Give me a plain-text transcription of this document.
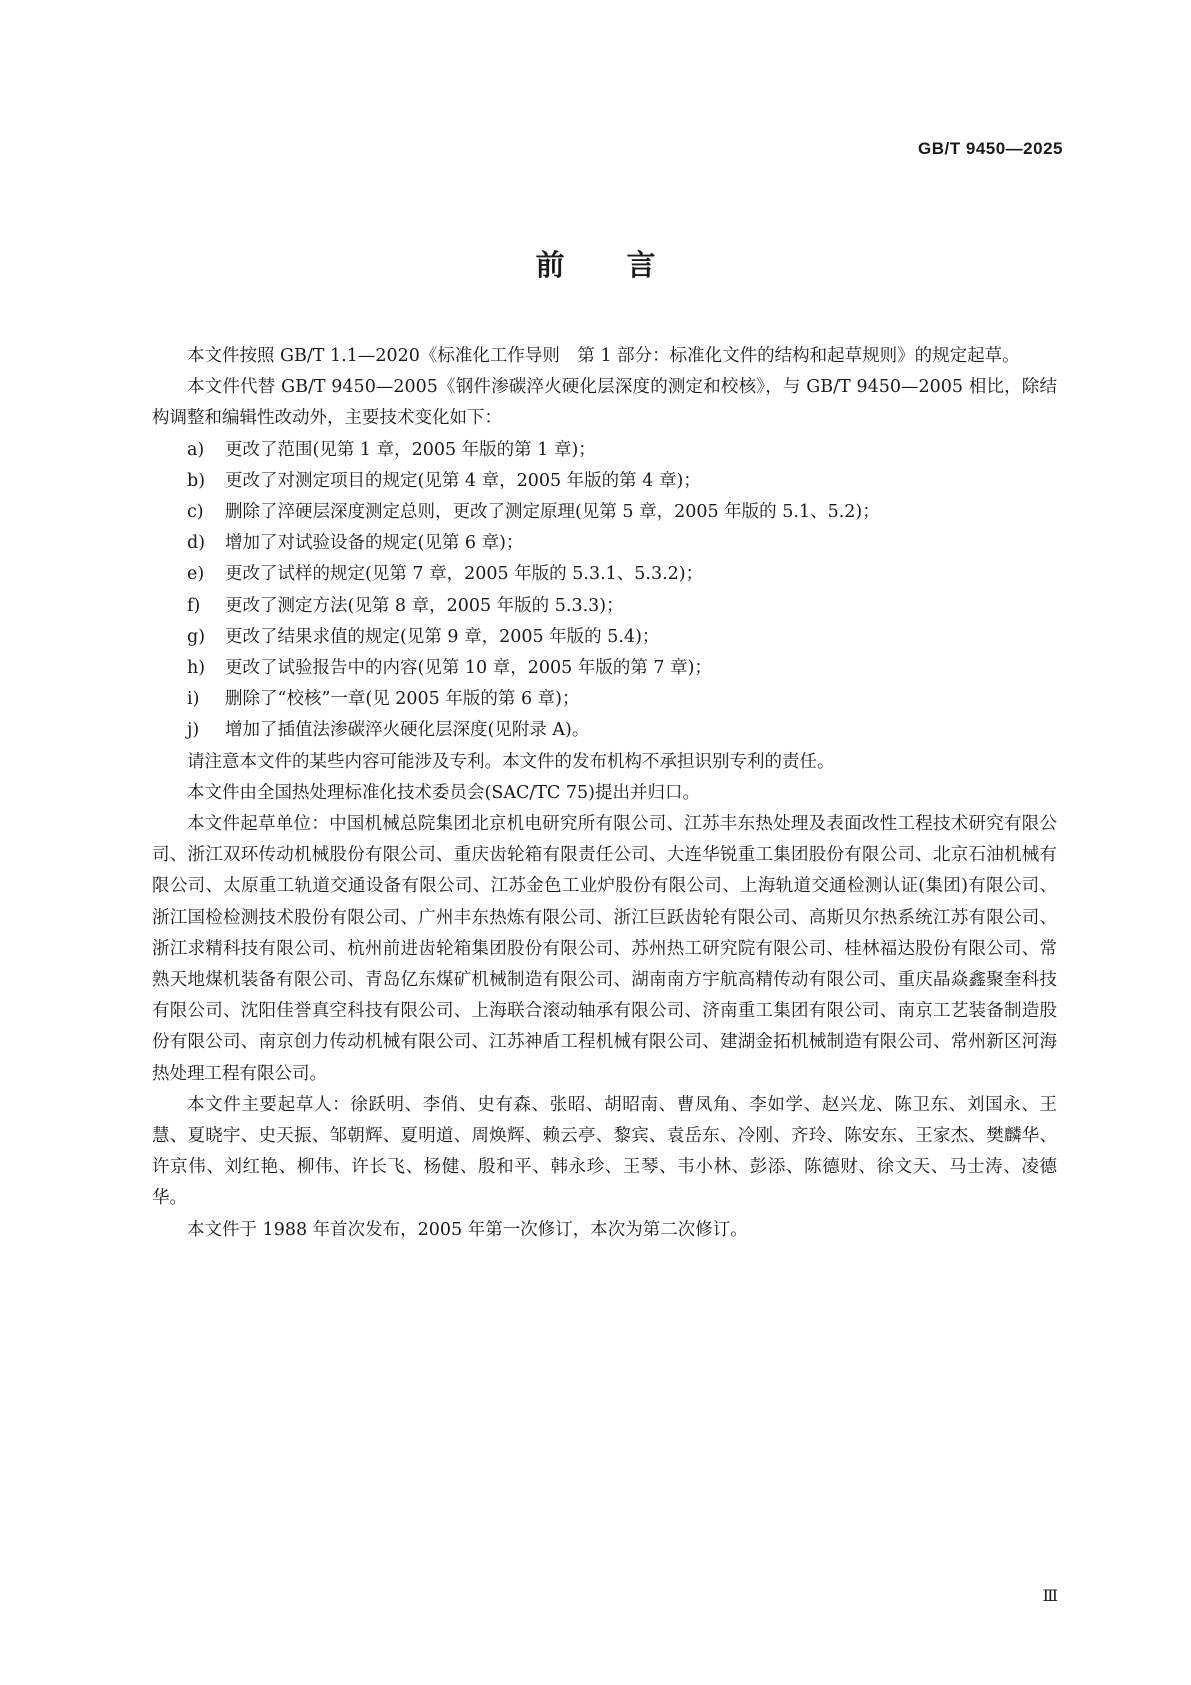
GB/T 9450—2025
前 言

本文件按照 GB/T 1.1—2020《标准化工作导则　第 1 部分：标准化文件的结构和起草规则》的规定起草。

本文件代替 GB/T 9450—2005《钢件渗碳淬火硬化层深度的测定和校核》，与 GB/T 9450—2005 相比，除结构调整和编辑性改动外，主要技术变化如下：

a)	更改了范围(见第 1 章，2005 年版的第 1 章)；
b)	更改了对测定项目的规定(见第 4 章，2005 年版的第 4 章)；
c)	删除了淬硬层深度测定总则，更改了测定原理(见第 5 章，2005 年版的 5.1、5.2)；
d)	增加了对试验设备的规定(见第 6 章)；
e)	更改了试样的规定(见第 7 章，2005 年版的 5.3.1、5.3.2)；
f)	更改了测定方法(见第 8 章，2005 年版的 5.3.3)；
g)	更改了结果求值的规定(见第 9 章，2005 年版的 5.4)；
h)	更改了试验报告中的内容(见第 10 章，2005 年版的第 7 章)；
i)	删除了“校核”一章(见 2005 年版的第 6 章)；
j)	增加了插值法渗碳淬火硬化层深度(见附录 A)。

请注意本文件的某些内容可能涉及专利。本文件的发布机构不承担识别专利的责任。

本文件由全国热处理标准化技术委员会(SAC/TC 75)提出并归口。

本文件起草单位：中国机械总院集团北京机电研究所有限公司、江苏丰东热处理及表面改性工程技术研究有限公司、浙江双环传动机械股份有限公司、重庆齿轮箱有限责任公司、大连华锐重工集团股份有限公司、北京石油机械有限公司、太原重工轨道交通设备有限公司、江苏金色工业炉股份有限公司、上海轨道交通检测认证(集团)有限公司、浙江国检检测技术股份有限公司、广州丰东热炼有限公司、浙江巨跃齿轮有限公司、高斯贝尔热系统江苏有限公司、浙江求精科技有限公司、杭州前进齿轮箱集团股份有限公司、苏州热工研究院有限公司、桂林福达股份有限公司、常熟天地煤机装备有限公司、青岛亿东煤矿机械制造有限公司、湖南南方宇航高精传动有限公司、重庆晶焱鑫聚奎科技有限公司、沈阳佳誉真空科技有限公司、上海联合滚动轴承有限公司、济南重工集团有限公司、南京工艺装备制造股份有限公司、南京创力传动机械有限公司、江苏神盾工程机械有限公司、建湖金拓机械制造有限公司、常州新区河海热处理工程有限公司。

本文件主要起草人：徐跃明、李俏、史有森、张昭、胡昭南、曹凤角、李如学、赵兴龙、陈卫东、刘国永、王慧、夏晓宇、史天振、邹朝辉、夏明道、周焕辉、赖云亭、黎宾、袁岳东、冷刚、齐玲、陈安东、王家杰、樊麟华、许京伟、刘红艳、柳伟、许长飞、杨健、殷和平、韩永珍、王琴、韦小林、彭添、陈德财、徐文天、马士涛、凌德华。

本文件于 1988 年首次发布，2005 年第一次修订，本次为第二次修订。

Ⅲ
